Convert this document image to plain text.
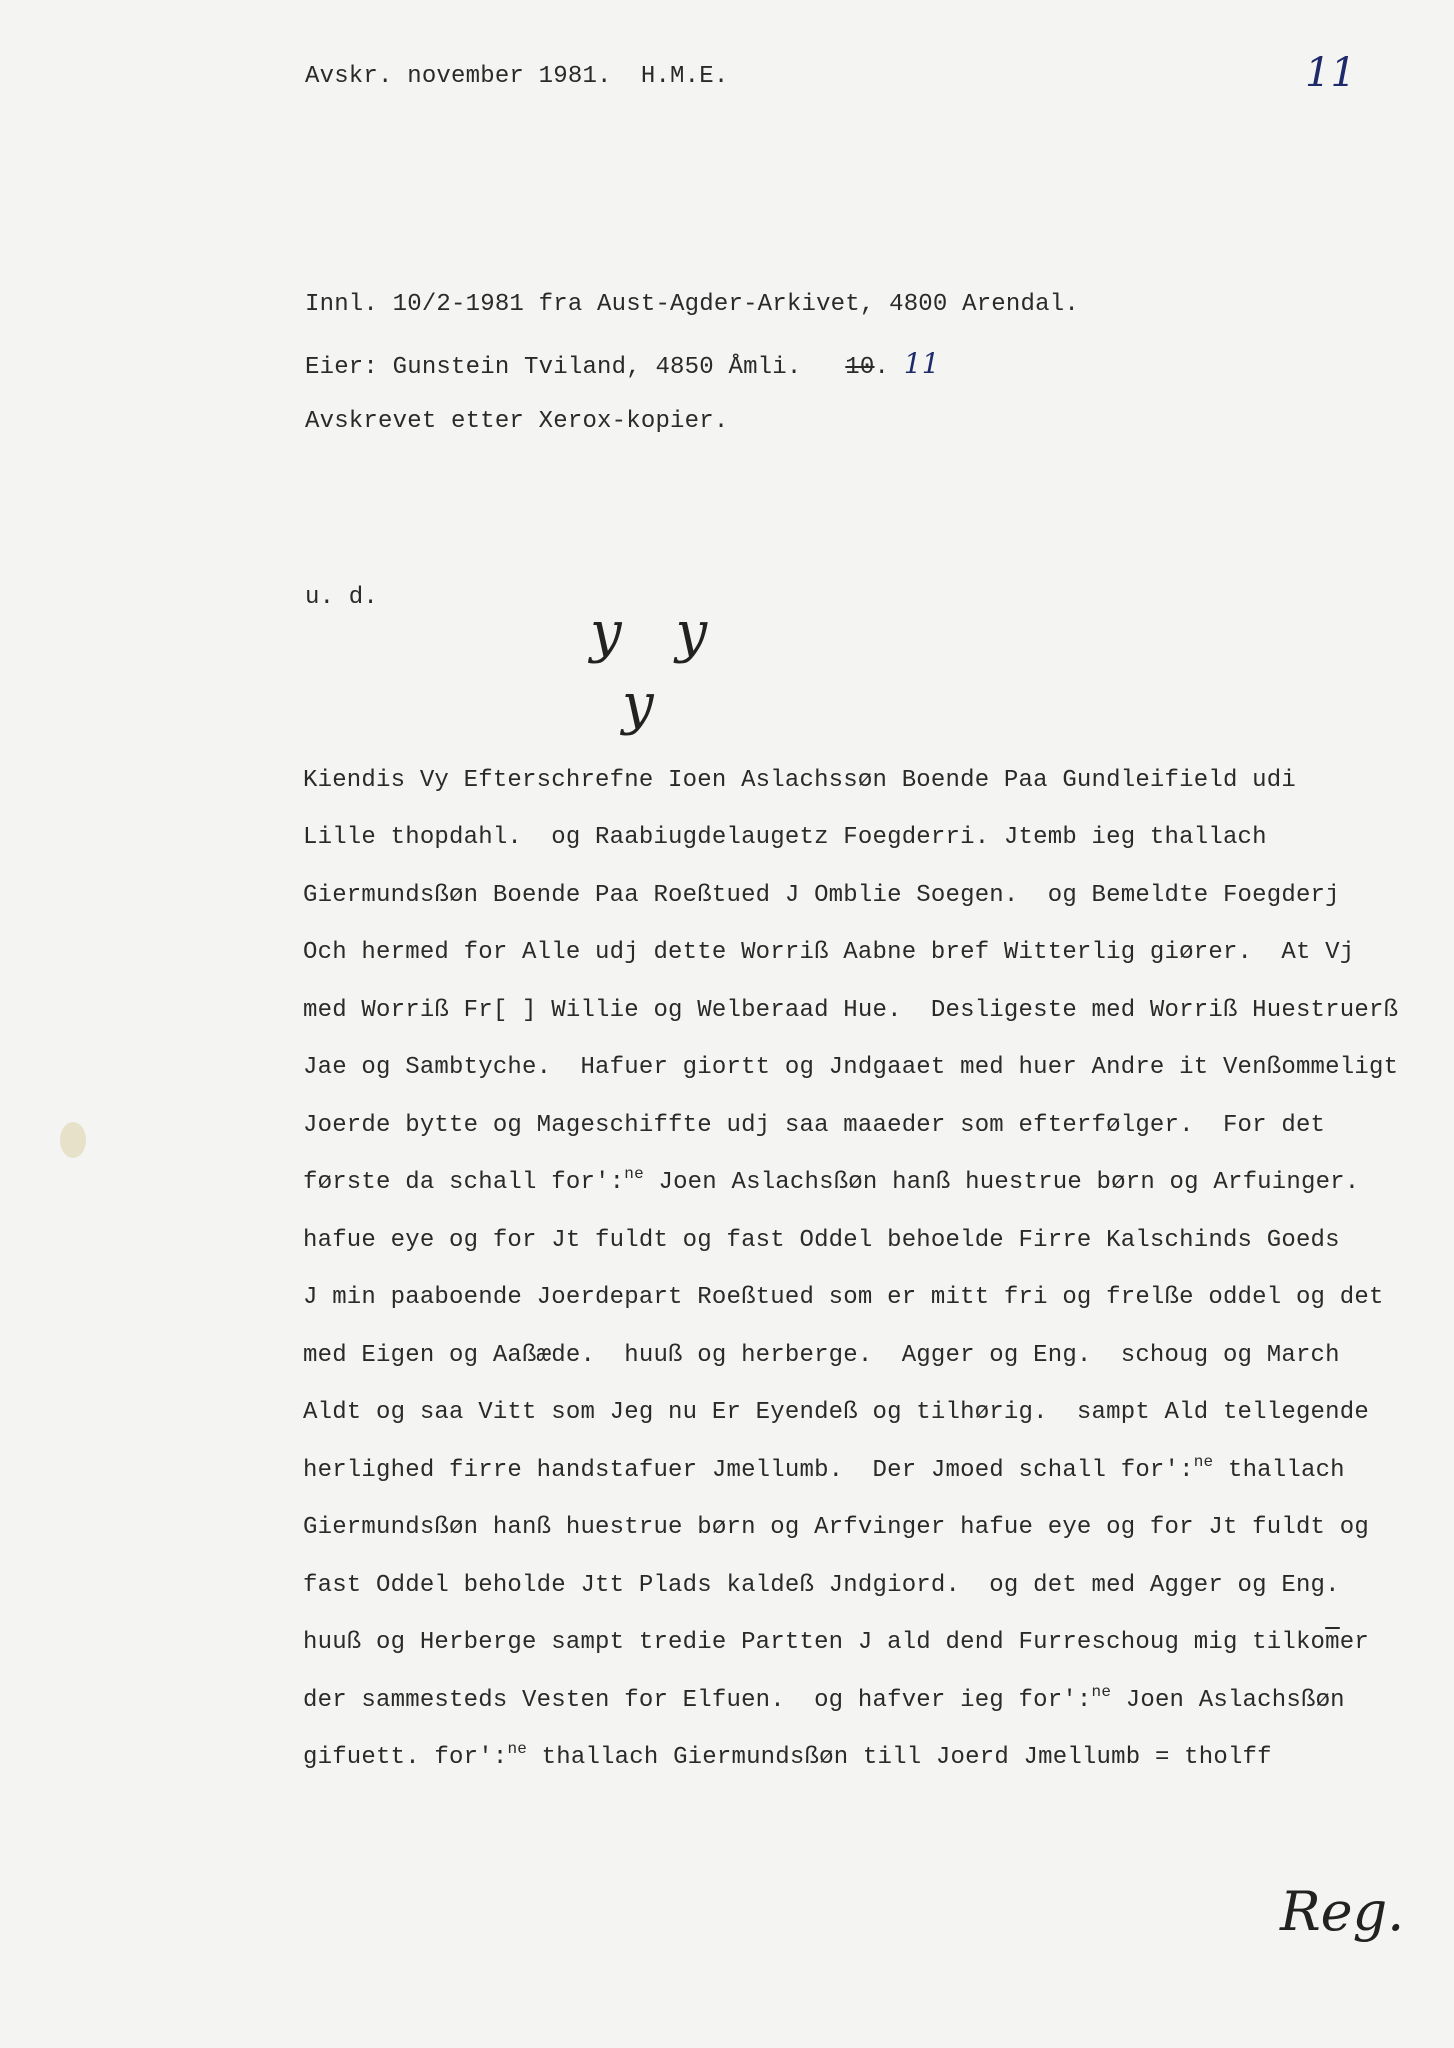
Avskr. november 1981.  H.M.E.	11
Innl. 10/2-1981 fra Aust-Agder-Arkivet, 4800 Arendal.
Eier: Gunstein Tviland, 4850 Åmli. 10. 11
Avskrevet etter Xerox-kopier.
u. d.
y y
y
Kiendis Vy Efterschrefne Ioen Aslachssøn Boende Paa Gundleifield udi
Lille thopdahl.  og Raabiugdelaugetz Foegderri. Jtemb ieg thallach
Giermundsßøn Boende Paa Roeßtued J Omblie Soegen.  og Bemeldte Foegderj
Och hermed for Alle udj dette Worriß Aabne bref Witterlig giører.  At Vj
med Worriß Fr[ ] Willie og Welberaad Hue.  Desligeste med Worriß Huestruerß
Jae og Sambtyche.  Hafuer giortt og Jndgaaet med huer Andre it Venßommeligt
Joerde bytte og Mageschiffte udj saa maaeder som efterfølger.  For det
første da schall for':$^{ne}$ Joen Aslachsßøn hanß huestrue børn og Arfuinger.
hafue eye og for Jt fuldt og fast Oddel behoelde Firre Kalschinds Goeds
J min paaboende Joerdepart Roeßtued som er mitt fri og frelße oddel og det
med Eigen og Aaßæde.  huuß og herberge.  Agger og Eng.  schoug og March
Aldt og saa Vitt som Jeg nu Er Eyendeß og tilhørig.  sampt Ald tellegende
herlighed firre handstafuer Jmellumb.  Der Jmoed schall for':$^{ne}$ thallach
Giermundsßøn hanß huestrue børn og Arfvinger hafue eye og for Jt fuldt og
fast Oddel beholde Jtt Plads kaldeß Jndgiord.  og det med Agger og Eng.
huuß og Herberge sampt tredie Partten J ald dend Furreschoug mig $tilko\overline{m}er$
der sammesteds Vesten for Elfuen.  og hafver ieg for':$^{ne}$ Joen Aslachsßøn
gifuett. for':$^{ne}$ thallach Giermundsßøn till Joerd Jmellumb = tholff
Reg.
